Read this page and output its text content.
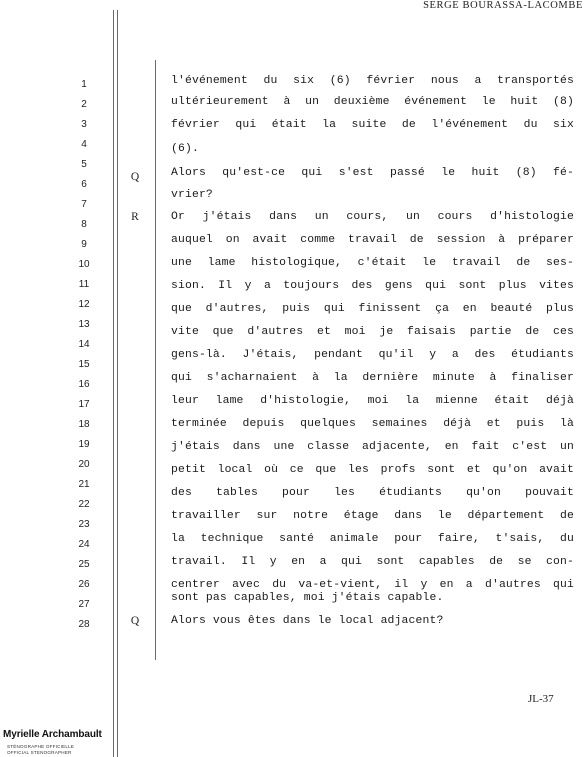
SERGE BOURASSA-LACOMBE
1
2
3
4
5
6
7
8
9
10
11
12
13
14
15
16
17
18
19
20
21
22
23
24
25
26
27
28
Q
R
Q
l'événement du six (6) février nous a transportés
ultérieurement à un deuxième événement le huit (8)
février qui était la suite de l'événement du six
(6).
Alors qu'est-ce qui s'est passé le huit (8) fé-
vrier?
Or j'étais dans un cours, un cours d'histologie
auquel on avait comme travail de session à préparer
une lame histologique, c'était le travail de ses-
sion. Il y a toujours des gens qui sont plus vites
que d'autres, puis qui finissent ça en beauté plus
vite que d'autres et moi je faisais partie de ces
gens-là. J'étais, pendant qu'il y a des étudiants
qui s'acharnaient à la dernière minute à finaliser
leur lame d'histologie, moi la mienne était déjà
terminée depuis quelques semaines déjà et puis là
j'étais dans une classe adjacente, en fait c'est un
petit local où ce que les profs sont et qu'on avait
des tables pour les étudiants qu'on pouvait
travailler sur notre étage dans le département de
la technique santé animale pour faire, t'sais, du
travail. Il y en a qui sont capables de se con-
centrer avec du va-et-vient, il y en a d'autres qui
sont pas capables, moi j'étais capable.
Alors vous êtes dans le local adjacent?
JL-37
Myrielle Archambault
STÉNOGRAPHE OFFICIELLE
OFFICIAL STENOGRAPHER
